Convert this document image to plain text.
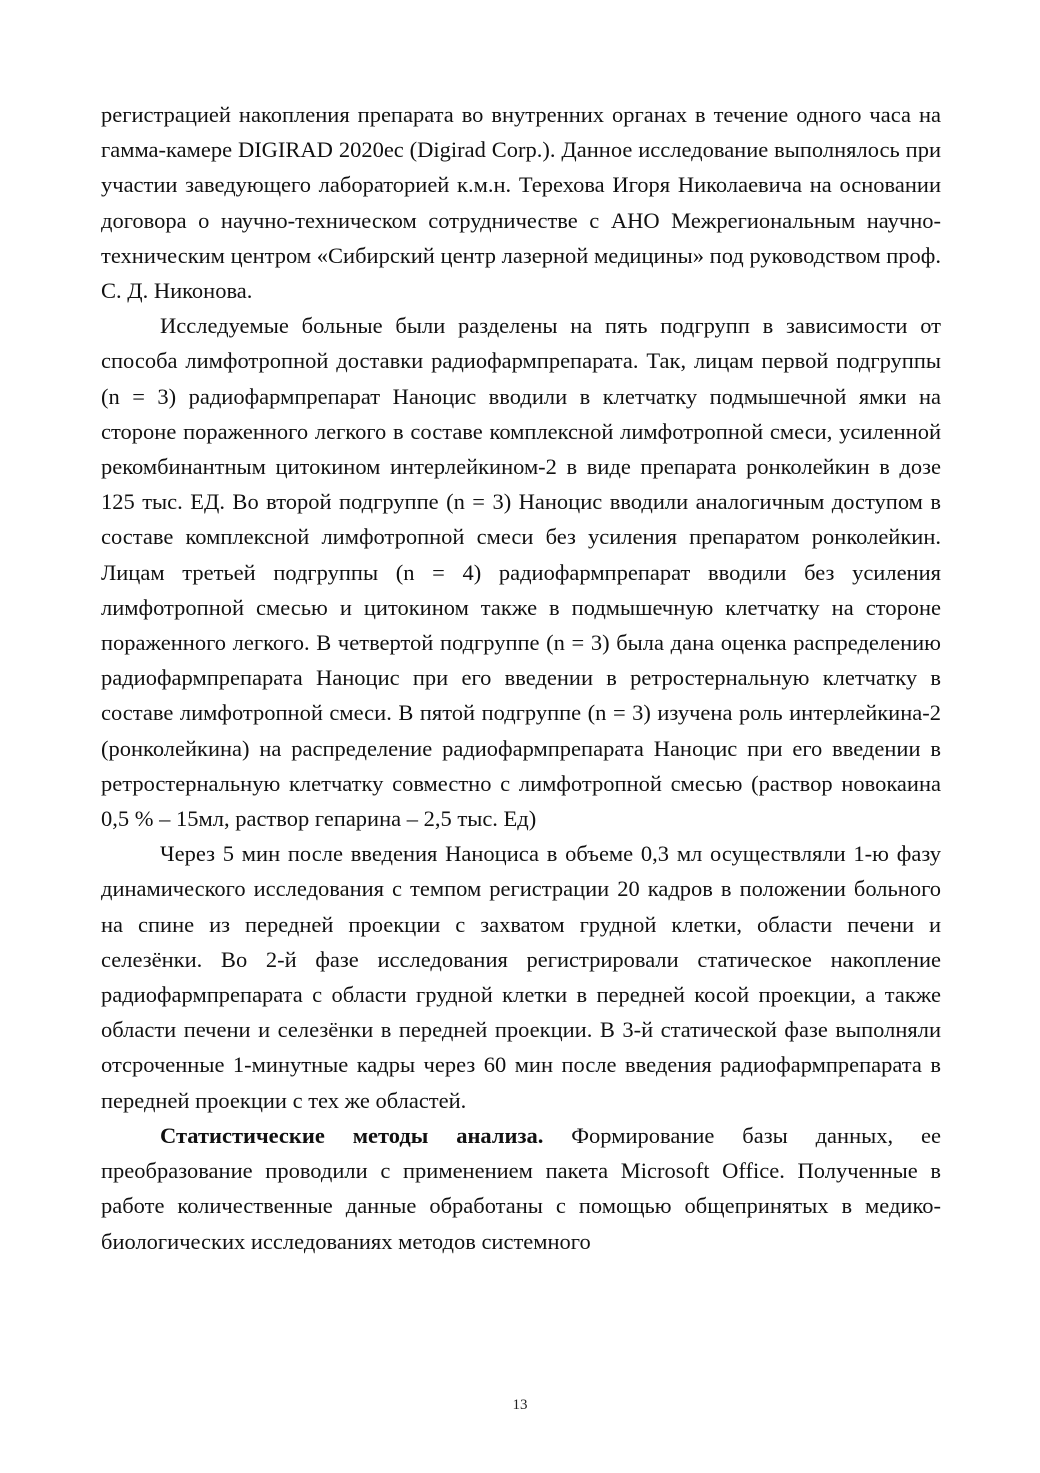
регистрацией накопления препарата во внутренних органах в течение одного часа на гамма-камере DIGIRAD 2020ec (Digirad Corp.). Данное исследование выполнялось при участии заведующего лабораторией к.м.н. Терехова Игоря Николаевича на основании договора о научно-техническом сотрудничестве с АНО Межрегиональным научно-техническим центром «Сибирский центр лазерной медицины» под руководством проф. С. Д. Никонова.

Исследуемые больные были разделены на пять подгрупп в зависимости от способа лимфотропной доставки радиофармпрепарата. Так, лицам первой подгруппы (n = 3) радиофармпрепарат Наноцис вводили в клетчатку подмышечной ямки на стороне пораженного легкого в составе комплексной лимфотропной смеси, усиленной рекомбинантным цитокином интерлейкином-2 в виде препарата ронколейкин в дозе 125 тыс. ЕД. Во второй подгруппе (n = 3) Наноцис вводили аналогичным доступом в составе комплексной лимфотропной смеси без усиления препаратом ронколейкин. Лицам третьей подгруппы (n = 4) радиофармпрепарат вводили без усиления лимфотропной смесью и цитокином также в подмышечную клетчатку на стороне пораженного легкого. В четвертой подгруппе (n = 3) была дана оценка распределению радиофармпрепарата Наноцис при его введении в ретростернальную клетчатку в составе лимфотропной смеси. В пятой подгруппе (n = 3) изучена роль интерлейкина-2 (ронколейкина) на распределение радиофармпрепарата Наноцис при его введении в ретростернальную клетчатку совместно с лимфотропной смесью (раствор новокаина 0,5 % – 15мл, раствор гепарина – 2,5 тыс. Ед)

Через 5 мин после введения Наноциса в объеме 0,3 мл осуществляли 1-ю фазу динамического исследования с темпом регистрации 20 кадров в положении больного на спине из передней проекции с захватом грудной клетки, области печени и селезёнки. Во 2-й фазе исследования регистрировали статическое накопление радиофармпрепарата с области грудной клетки в передней косой проекции, а также области печени и селезёнки в передней проекции. В 3-й статической фазе выполняли отсроченные 1-минутные кадры через 60 мин после введения радиофармпрепарата в передней проекции с тех же областей.

Статистические методы анализа. Формирование базы данных, ее преобразование проводили с применением пакета Microsoft Office. Полученные в работе количественные данные обработаны с помощью общепринятых в медико-биологических исследованиях методов системного

13
